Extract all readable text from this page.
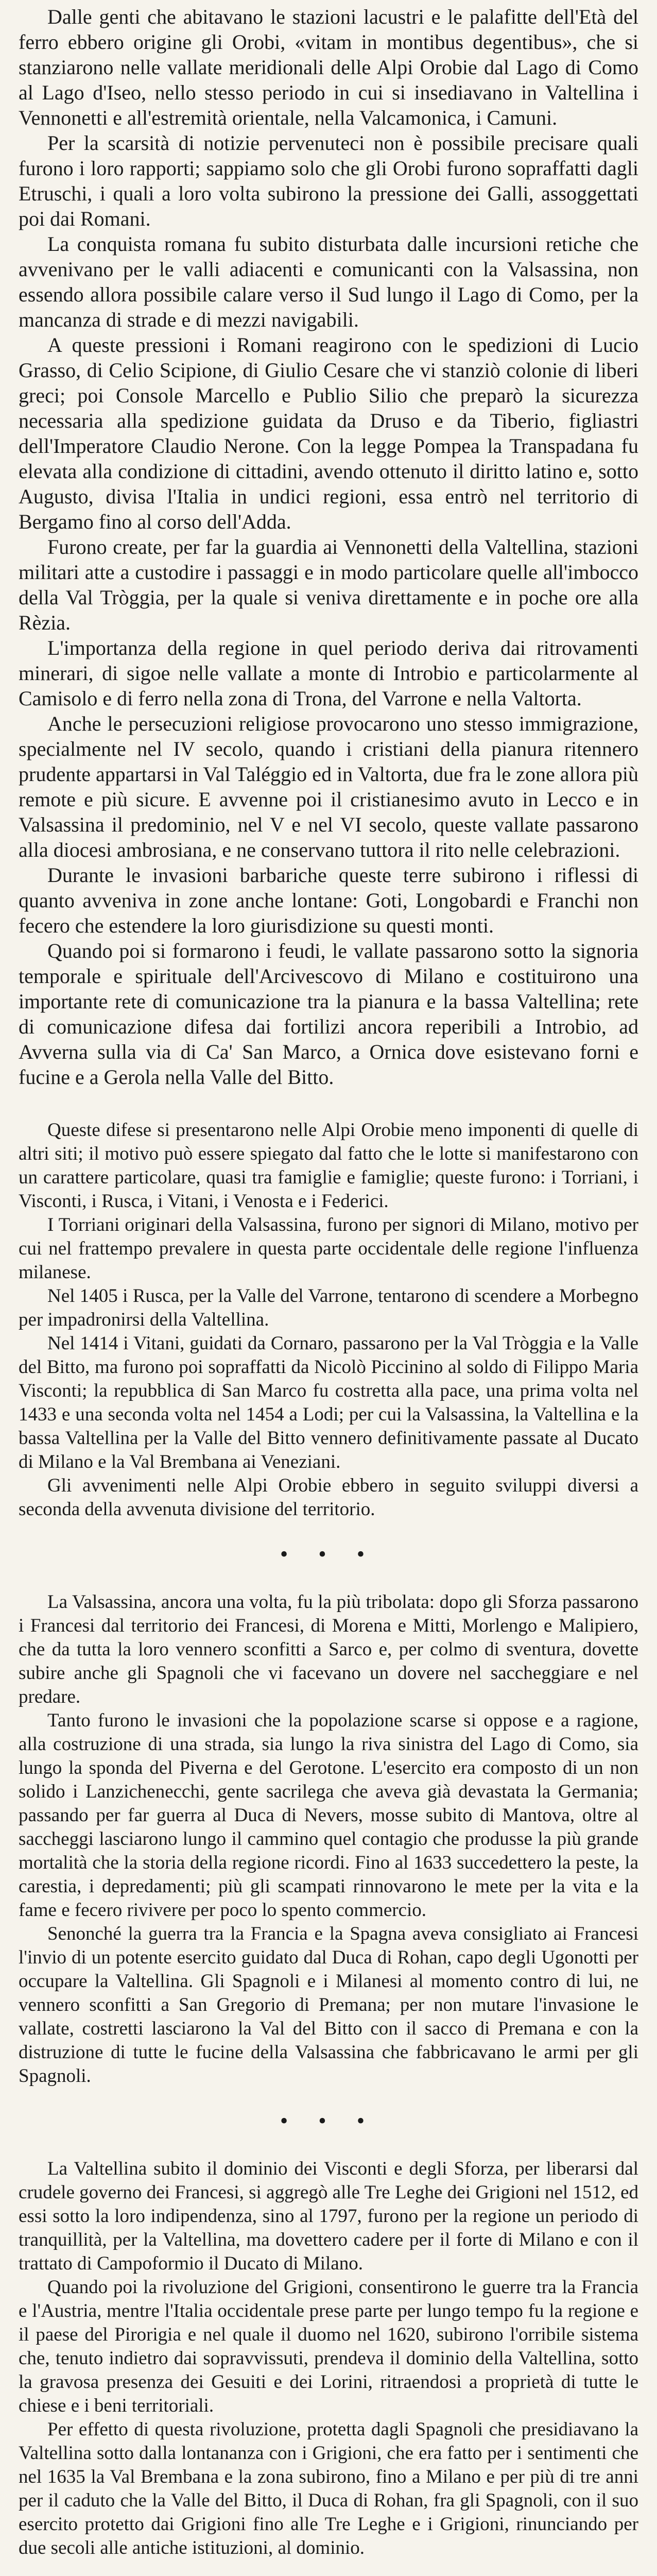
Dalle genti che abitavano le stazioni lacustri e le palafitte dell'Età del ferro ebbero origine gli Orobi, «vitam in montibus degentibus», che si stanziarono nelle vallate meridionali delle Alpi Orobie dal Lago di Como al Lago d'Iseo, nello stesso periodo in cui si insediavano in Valtellina i Vennonetti e all'estremità orientale, nella Valcamonica, i Camuni.

Per la scarsità di notizie pervenuteci non è possibile precisare quali furono i loro rapporti; sappiamo solo che gli Orobi furono sopraffatti dagli Etruschi, i quali a loro volta subirono la pressione dei Galli, assoggettati poi dai Romani.

La conquista romana fu subito disturbata dalle incursioni retiche che avvenivano per le valli adiacenti e comunicanti con la Valsassina, non essendo allora possibile calare verso il Sud lungo il Lago di Como, per la mancanza di strade e di mezzi navigabili.

A queste pressioni i Romani reagirono con le spedizioni di Lucio Grasso, di Celio Scipione, di Giulio Cesare che vi stanziò colonie di liberi greci; poi Console Marcello e Publio Silio che preparò la sicurezza necessaria alla spedizione guidata da Druso e da Tiberio, figliastri dell'Imperatore Claudio Nerone. Con la legge Pompea la Transpadana fu elevata alla condizione di cittadini, avendo ottenuto il diritto latino e, sotto Augusto, divisa l'Italia in undici regioni, essa entrò nel territorio di Bergamo fino al corso dell'Adda.

Furono create, per far la guardia ai Vennonetti della Valtellina, stazioni militari atte a custodire i passaggi e in modo particolare quelle all'imbocco della Val Tròggia, per la quale si veniva direttamente e in poche ore alla Rèzia.

L'importanza della regione in quel periodo deriva dai ritrovamenti minerari, di sigoe nelle vallate a monte di Introbio e particolarmente al Camisolo e di ferro nella zona di Trona, del Varrone e nella Valtorta.

Anche le persecuzioni religiose provocarono uno stesso immigrazione, specialmente nel IV secolo, quando i cristiani della pianura ritennero prudente appartarsi in Val Taléggio ed in Valtorta, due fra le zone allora più remote e più sicure. E avvenne poi il cristianesimo avuto in Lecco e in Valsassina il predominio, nel V e nel VI secolo, queste vallate passarono alla diocesi ambrosiana, e ne conservano tuttora il rito nelle celebrazioni.

Durante le invasioni barbariche queste terre subirono i riflessi di quanto avveniva in zone anche lontane: Goti, Longobardi e Franchi non fecero che estendere la loro giurisdizione su questi monti.

Quando poi si formarono i feudi, le vallate passarono sotto la signoria temporale e spirituale dell'Arcivescovo di Milano e costituirono una importante rete di comunicazione tra la pianura e la bassa Valtellina; rete di comunicazione difesa dai fortilizi ancora reperibili a Introbio, ad Avverna sulla via di Ca' San Marco, a Ornica dove esistevano forni e fucine e a Gerola nella Valle del Bitto.

Queste difese si presentarono nelle Alpi Orobie meno imponenti di quelle di altri siti; il motivo può essere spiegato dal fatto che le lotte si manifestarono con un carattere particolare, quasi tra famiglie e famiglie; queste furono: i Torriani, i Visconti, i Rusca, i Vitani, i Venosta e i Federici.

I Torriani originari della Valsassina, furono per signori di Milano, motivo per cui nel frattempo prevalere in questa parte occidentale delle regione l'influenza milanese.

Nel 1405 i Rusca, per la Valle del Varrone, tentarono di scendere a Morbegno per impadronirsi della Valtellina.

Nel 1414 i Vitani, guidati da Cornaro, passarono per la Val Tròggia e la Valle del Bitto, ma furono poi sopraffatti da Nicolò Piccinino al soldo di Filippo Maria Visconti; la repubblica di San Marco fu costretta alla pace, una prima volta nel 1433 e una seconda volta nel 1454 a Lodi; per cui la Valsassina, la Valtellina e la bassa Valtellina per la Valle del Bitto vennero definitivamente passate al Ducato di Milano e la Val Brembana ai Veneziani.

Gli avvenimenti nelle Alpi Orobie ebbero in seguito sviluppi diversi a seconda della avvenuta divisione del territorio.

• • •

La Valsassina, ancora una volta, fu la più tribolata: dopo gli Sforza passarono i Francesi dal territorio dei Francesi, di Morena e Mitti, Morlengo e Malipiero, che da tutta la loro vennero sconfitti a Sarco e, per colmo di sventura, dovette subire anche gli Spagnoli che vi facevano un dovere nel saccheggiare e nel predare.

Tanto furono le invasioni che la popolazione scarse si oppose e a ragione, alla costruzione di una strada, sia lungo la riva sinistra del Lago di Como, sia lungo la sponda del Piverna e del Gerotone. L'esercito era composto di un non solido i Lanzichenecchi, gente sacrilega che aveva già devastata la Germania; passando per far guerra al Duca di Nevers, mosse subito di Mantova, oltre al saccheggi lasciarono lungo il cammino quel contagio che produsse la più grande mortalità che la storia della regione ricordi. Fino al 1633 succedettero la peste, la carestia, i depredamenti; più gli scampati rinnovarono le mete per la vita e la fame e fecero rivivere per poco lo spento commercio.

Senonché la guerra tra la Francia e la Spagna aveva consigliato ai Francesi l'invio di un potente esercito guidato dal Duca di Rohan, capo degli Ugonotti per occupare la Valtellina. Gli Spagnoli e i Milanesi al momento contro di lui, ne vennero sconfitti a San Gregorio di Premana; per non mutare l'invasione le vallate, costretti lasciarono la Val del Bitto con il sacco di Premana e con la distruzione di tutte le fucine della Valsassina che fabbricavano le armi per gli Spagnoli.

• • •

La Valtellina subito il dominio dei Visconti e degli Sforza, per liberarsi dal crudele governo dei Francesi, si aggregò alle Tre Leghe dei Grigioni nel 1512, ed essi sotto la loro indipendenza, sino al 1797, furono per la regione un periodo di tranquillità, per la Valtellina, ma dovettero cadere per il forte di Milano e con il trattato di Campoformio il Ducato di Milano.

Quando poi la rivoluzione del Grigioni, consentirono le guerre tra la Francia e l'Austria, mentre l'Italia occidentale prese parte per lungo tempo fu la regione e il paese del Pirorigia e nel quale il duomo nel 1620, subirono l'orribile sistema che, tenuto indietro dai sopravvissuti, prendeva il dominio della Valtellina, sotto la gravosa presenza dei Gesuiti e dei Lorini, ritraendosi a proprietà di tutte le chiese e i beni territoriali.

Per effetto di questa rivoluzione, protetta dagli Spagnoli che presidiavano la Valtellina sotto dalla lontananza con i Grigioni, che era fatto per i sentimenti che nel 1635 la Val Brembana e la zona subirono, fino a Milano e per più di tre anni per il caduto che la Valle del Bitto, il Duca di Rohan, fra gli Spagnoli, con il suo esercito protetto dai Grigioni fino alle Tre Leghe e i Grigioni, rinunciando per due secoli alle antiche istituzioni, al dominio.
